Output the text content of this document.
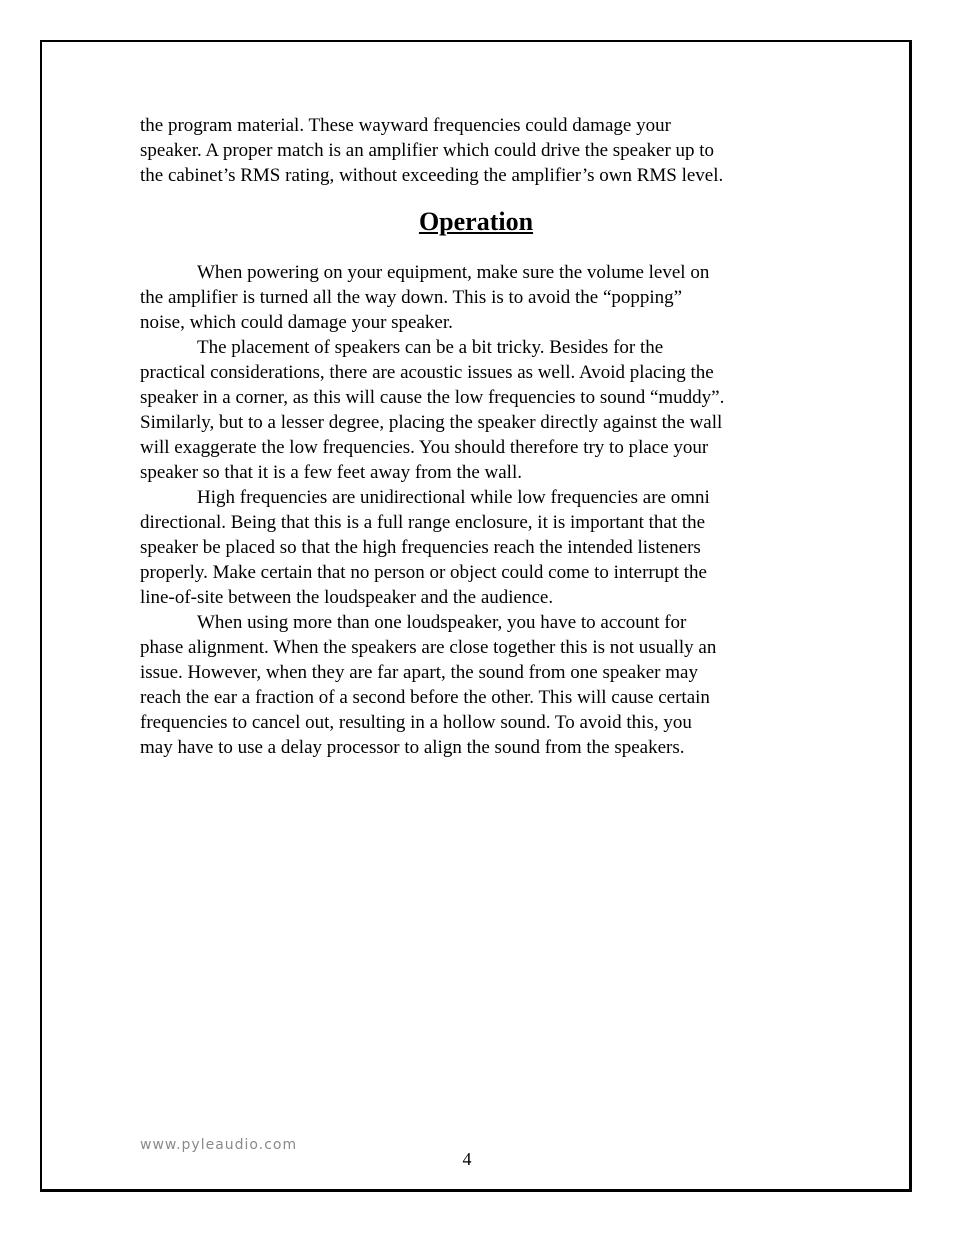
the program material. These wayward frequencies could damage your
speaker. A proper match is an amplifier which could drive the speaker up to
the cabinet’s RMS rating, without exceeding the amplifier’s own RMS level.
Operation

When powering on your equipment, make sure the volume level on
the amplifier is turned all the way down. This is to avoid the “popping”
noise, which could damage your speaker.

The placement of speakers can be a bit tricky. Besides for the
practical considerations, there are acoustic issues as well. Avoid placing the
speaker in a corner, as this will cause the low frequencies to sound “muddy”.
Similarly, but to a lesser degree, placing the speaker directly against the wall
will exaggerate the low frequencies. You should therefore try to place your
speaker so that it is a few feet away from the wall.

High frequencies are unidirectional while low frequencies are omni
directional. Being that this is a full range enclosure, it is important that the
speaker be placed so that the high frequencies reach the intended listeners
properly. Make certain that no person or object could come to interrupt the
line-of-site between the loudspeaker and the audience.

When using more than one loudspeaker, you have to account for
phase alignment. When the speakers are close together this is not usually an
issue. However, when they are far apart, the sound from one speaker may
reach the ear a fraction of a second before the other. This will cause certain
frequencies to cancel out, resulting in a hollow sound. To avoid this, you
may have to use a delay processor to align the sound from the speakers.

www.pyleaudio.com
4
